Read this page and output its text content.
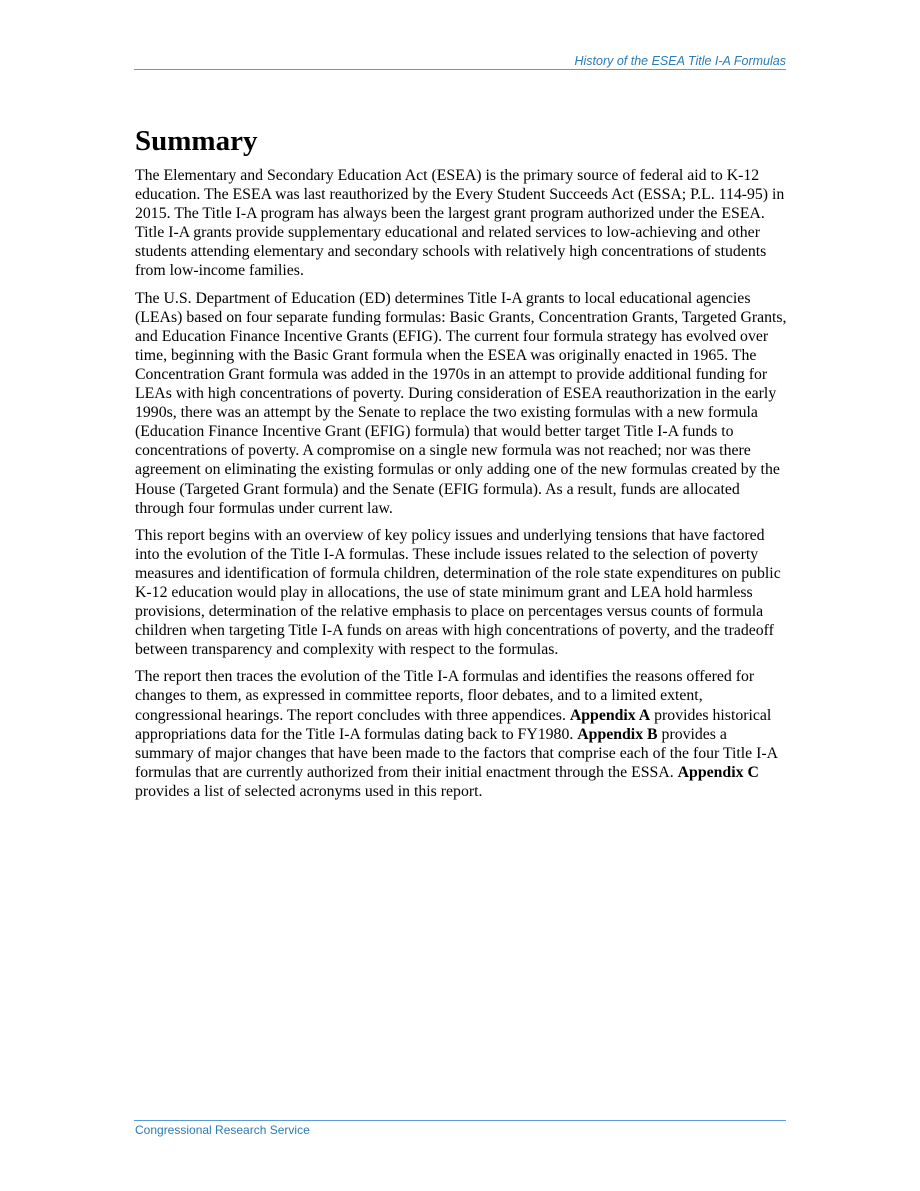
History of the ESEA Title I-A Formulas
Summary

The Elementary and Secondary Education Act (ESEA) is the primary source of federal aid to K-12 education. The ESEA was last reauthorized by the Every Student Succeeds Act (ESSA; P.L. 114-95) in 2015. The Title I-A program has always been the largest grant program authorized under the ESEA. Title I-A grants provide supplementary educational and related services to low-achieving and other students attending elementary and secondary schools with relatively high concentrations of students from low-income families.

The U.S. Department of Education (ED) determines Title I-A grants to local educational agencies (LEAs) based on four separate funding formulas: Basic Grants, Concentration Grants, Targeted Grants, and Education Finance Incentive Grants (EFIG). The current four formula strategy has evolved over time, beginning with the Basic Grant formula when the ESEA was originally enacted in 1965. The Concentration Grant formula was added in the 1970s in an attempt to provide additional funding for LEAs with high concentrations of poverty. During consideration of ESEA reauthorization in the early 1990s, there was an attempt by the Senate to replace the two existing formulas with a new formula (Education Finance Incentive Grant (EFIG) formula) that would better target Title I-A funds to concentrations of poverty. A compromise on a single new formula was not reached; nor was there agreement on eliminating the existing formulas or only adding one of the new formulas created by the House (Targeted Grant formula) and the Senate (EFIG formula). As a result, funds are allocated through four formulas under current law.

This report begins with an overview of key policy issues and underlying tensions that have factored into the evolution of the Title I-A formulas. These include issues related to the selection of poverty measures and identification of formula children, determination of the role state expenditures on public K-12 education would play in allocations, the use of state minimum grant and LEA hold harmless provisions, determination of the relative emphasis to place on percentages versus counts of formula children when targeting Title I-A funds on areas with high concentrations of poverty, and the tradeoff between transparency and complexity with respect to the formulas.

The report then traces the evolution of the Title I-A formulas and identifies the reasons offered for changes to them, as expressed in committee reports, floor debates, and to a limited extent, congressional hearings. The report concludes with three appendices. Appendix A provides historical appropriations data for the Title I-A formulas dating back to FY1980. Appendix B provides a summary of major changes that have been made to the factors that comprise each of the four Title I-A formulas that are currently authorized from their initial enactment through the ESSA. Appendix C provides a list of selected acronyms used in this report.

Congressional Research Service
